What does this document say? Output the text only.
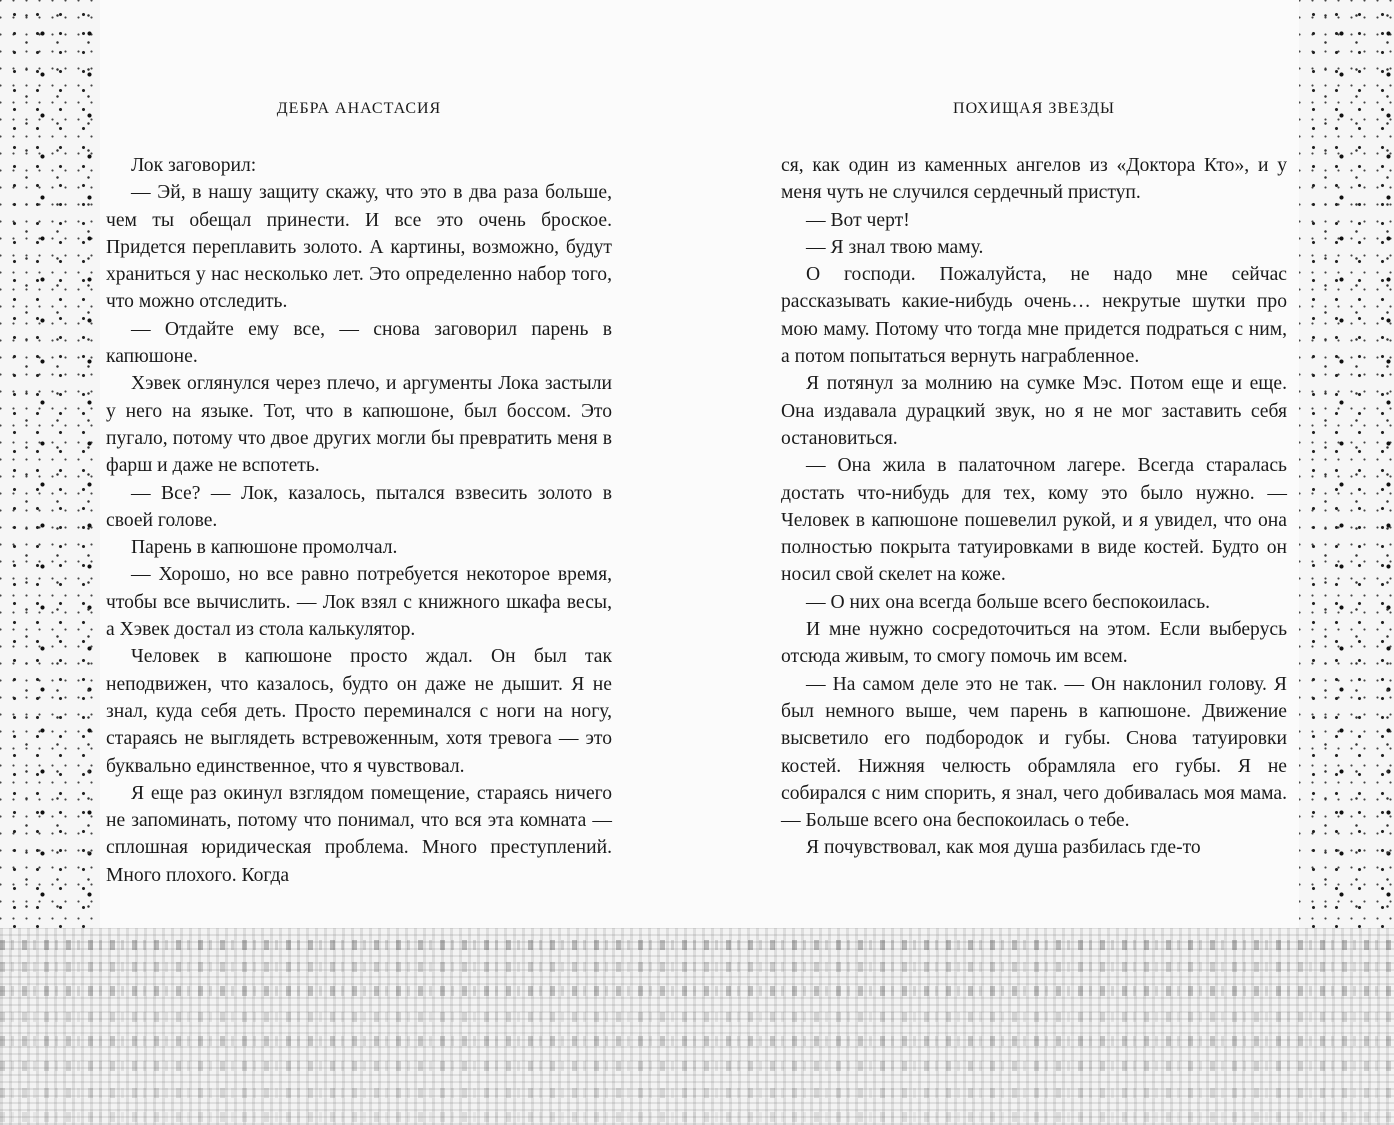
ДЕБРА АНАСТАСИЯ

Лок заговорил:

— Эй, в нашу защиту скажу, что это в два раза больше, чем ты обещал принести. И все это очень броское. Придется переплавить золото. А картины, возможно, будут храниться у нас несколько лет. Это определенно набор того, что можно отследить.

— Отдайте ему все, — снова заговорил парень в капюшоне.

Хэвек оглянулся через плечо, и аргументы Лока застыли у него на языке. Тот, что в капюшоне, был боссом. Это пугало, потому что двое других могли бы превратить меня в фарш и даже не вспотеть.

— Все? — Лок, казалось, пытался взвесить золото в своей голове.

Парень в капюшоне промолчал.

— Хорошо, но все равно потребуется некоторое время, чтобы все вычислить. — Лок взял с книжного шкафа весы, а Хэвек достал из стола калькулятор.

Человек в капюшоне просто ждал. Он был так неподвижен, что казалось, будто он даже не дышит. Я не знал, куда себя деть. Просто переминался с ноги на ногу, стараясь не выглядеть встревоженным, хотя тревога — это буквально единственное, что я чувствовал.

Я еще раз окинул взглядом помещение, стараясь ничего не запоминать, потому что понимал, что вся эта комната — сплошная юридическая проблема. Много преступлений. Много плохого. Когда

ПОХИЩАЯ ЗВЕЗДЫ

ся, как один из каменных ангелов из «Доктора Кто», и у меня чуть не случился сердечный приступ.

— Вот черт!

— Я знал твою маму.

О господи. Пожалуйста, не надо мне сейчас рассказывать какие-нибудь очень… некрутые шутки про мою маму. Потому что тогда мне придется подраться с ним, а потом попытаться вернуть награбленное.

Я потянул за молнию на сумке Мэс. Потом еще и еще. Она издавала дурацкий звук, но я не мог заставить себя остановиться.

— Она жила в палаточном лагере. Всегда старалась достать что-нибудь для тех, кому это было нужно. — Человек в капюшоне пошевелил рукой, и я увидел, что она полностью покрыта татуировками в виде костей. Будто он носил свой скелет на коже.

— О них она всегда больше всего беспокоилась.

И мне нужно сосредоточиться на этом. Если выберусь отсюда живым, то смогу помочь им всем.

— На самом деле это не так. — Он наклонил голову. Я был немного выше, чем парень в капюшоне. Движение высветило его подбородок и губы. Снова татуировки костей. Нижняя челюсть обрамляла его губы. Я не собирался с ним спорить, я знал, чего добивалась моя мама. — Больше всего она беспокоилась о тебе.

Я почувствовал, как моя душа разбилась где-то
